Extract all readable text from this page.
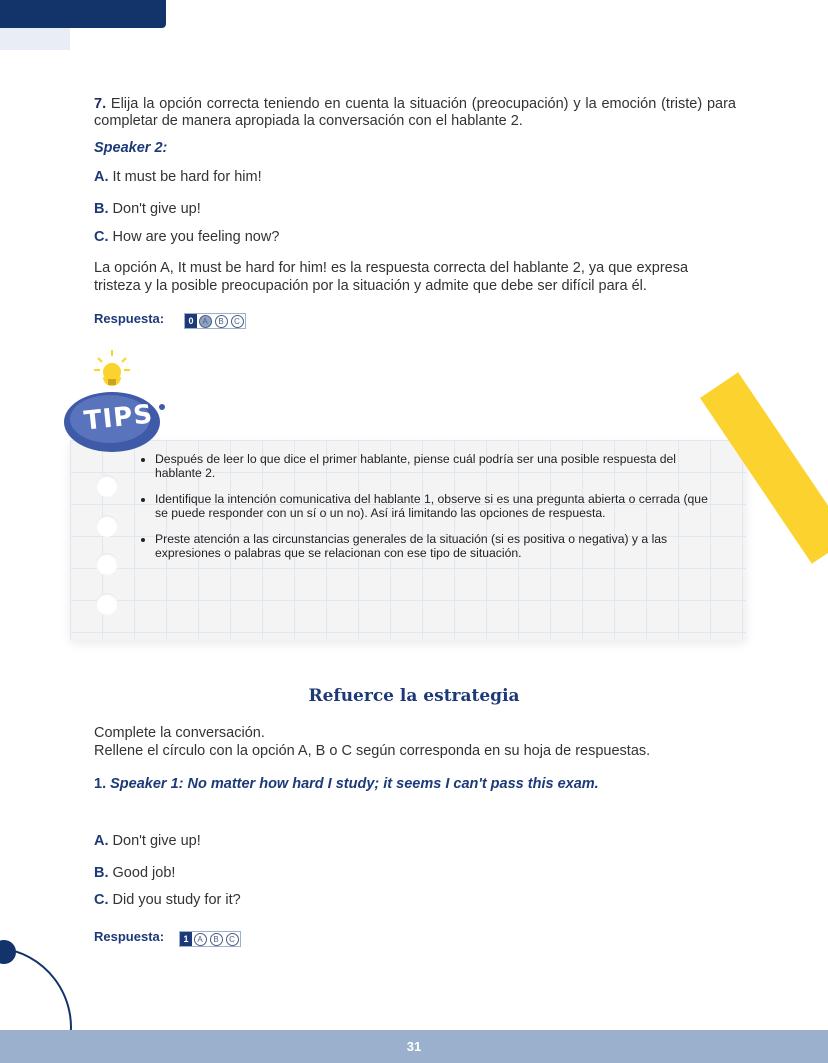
7. Elija la opción correcta teniendo en cuenta la situación (preocupación) y la emoción (triste) para completar de manera apropiada la conversación con el hablante 2.
Speaker 2:
A. It must be hard for him!
B. Don't give up!
C. How are you feeling now?
La opción A, It must be hard for him! es la respuesta correcta del hablante 2, ya que expresa tristeza y la posible preocupación por la situación y admite que debe ser difícil para él.
Respuesta:	0	A	B	C
• Después de leer lo que dice el primer hablante, piense cuál podría ser una posible respuesta del hablante 2.
• Identifique la intención comunicativa del hablante 1, observe si es una pregunta abierta o cerrada (que se puede responder con un sí o un no). Así irá limitando las opciones de respuesta.
• Preste atención a las circunstancias generales de la situación (si es positiva o negativa) y a las expresiones o palabras que se relacionan con ese tipo de situación.
TIPS
Refuerce la estrategia
Complete la conversación.
Rellene el círculo con la opción A, B o C según corresponda en su hoja de respuestas.
1. Speaker 1: No matter how hard I study; it seems I can't pass this exam.
A. Don't give up!
B. Good job!
C. Did you study for it?
Respuesta:	1	A	B	C
31
